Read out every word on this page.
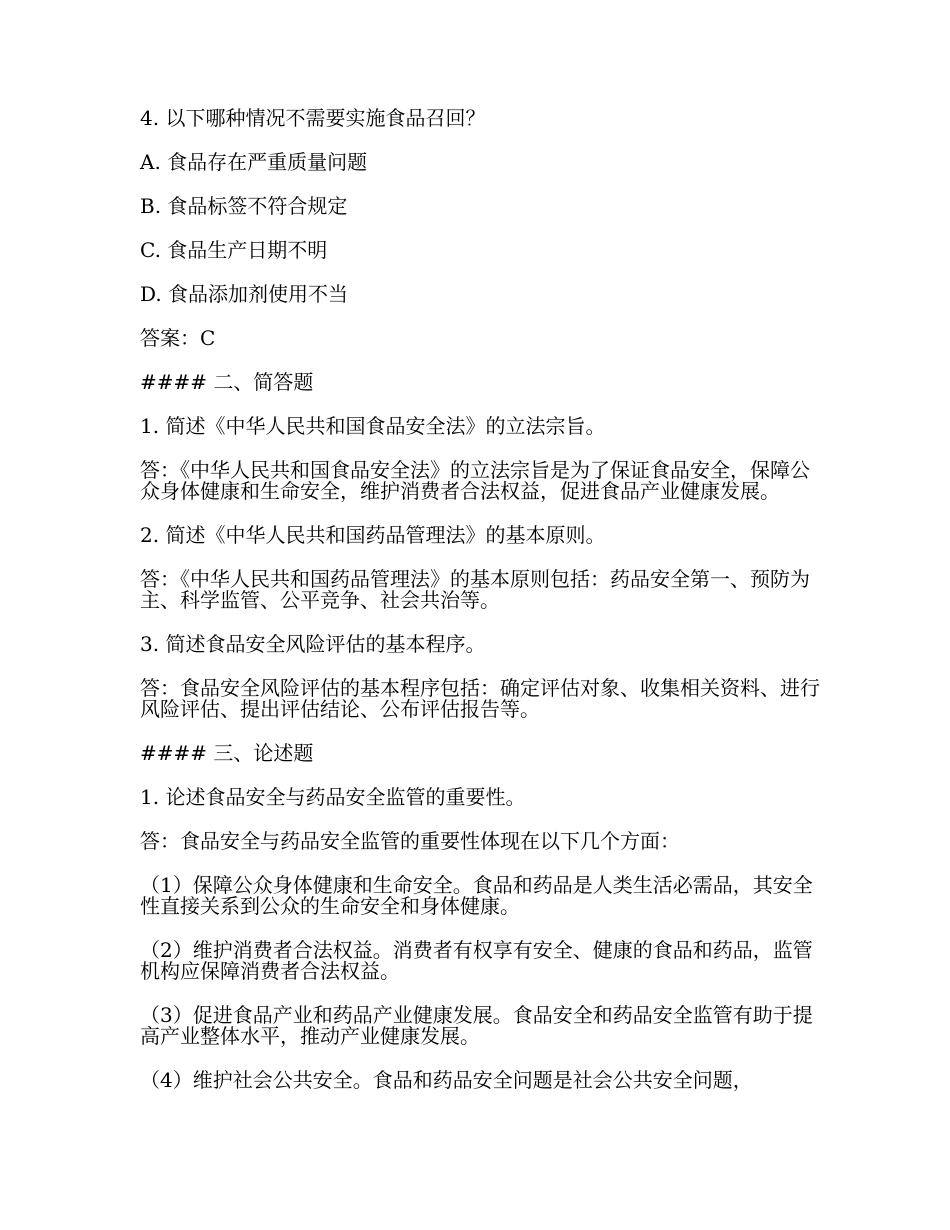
4. 以下哪种情况不需要实施食品召回？

A. 食品存在严重质量问题

B. 食品标签不符合规定

C. 食品生产日期不明

D. 食品添加剂使用不当

答案：C

#### 二、简答题

1. 简述《中华人民共和国食品安全法》的立法宗旨。

答：《中华人民共和国食品安全法》的立法宗旨是为了保证食品安全，保障公众身体健康和生命安全，维护消费者合法权益，促进食品产业健康发展。

2. 简述《中华人民共和国药品管理法》的基本原则。

答：《中华人民共和国药品管理法》的基本原则包括：药品安全第一、预防为主、科学监管、公平竞争、社会共治等。

3. 简述食品安全风险评估的基本程序。

答：食品安全风险评估的基本程序包括：确定评估对象、收集相关资料、进行风险评估、提出评估结论、公布评估报告等。

#### 三、论述题

1. 论述食品安全与药品安全监管的重要性。

答：食品安全与药品安全监管的重要性体现在以下几个方面：

（1）保障公众身体健康和生命安全。食品和药品是人类生活必需品，其安全性直接关系到公众的生命安全和身体健康。

（2）维护消费者合法权益。消费者有权享有安全、健康的食品和药品，监管机构应保障消费者合法权益。

（3）促进食品产业和药品产业健康发展。食品安全和药品安全监管有助于提高产业整体水平，推动产业健康发展。

（4）维护社会公共安全。食品和药品安全问题是社会公共安全问题，
